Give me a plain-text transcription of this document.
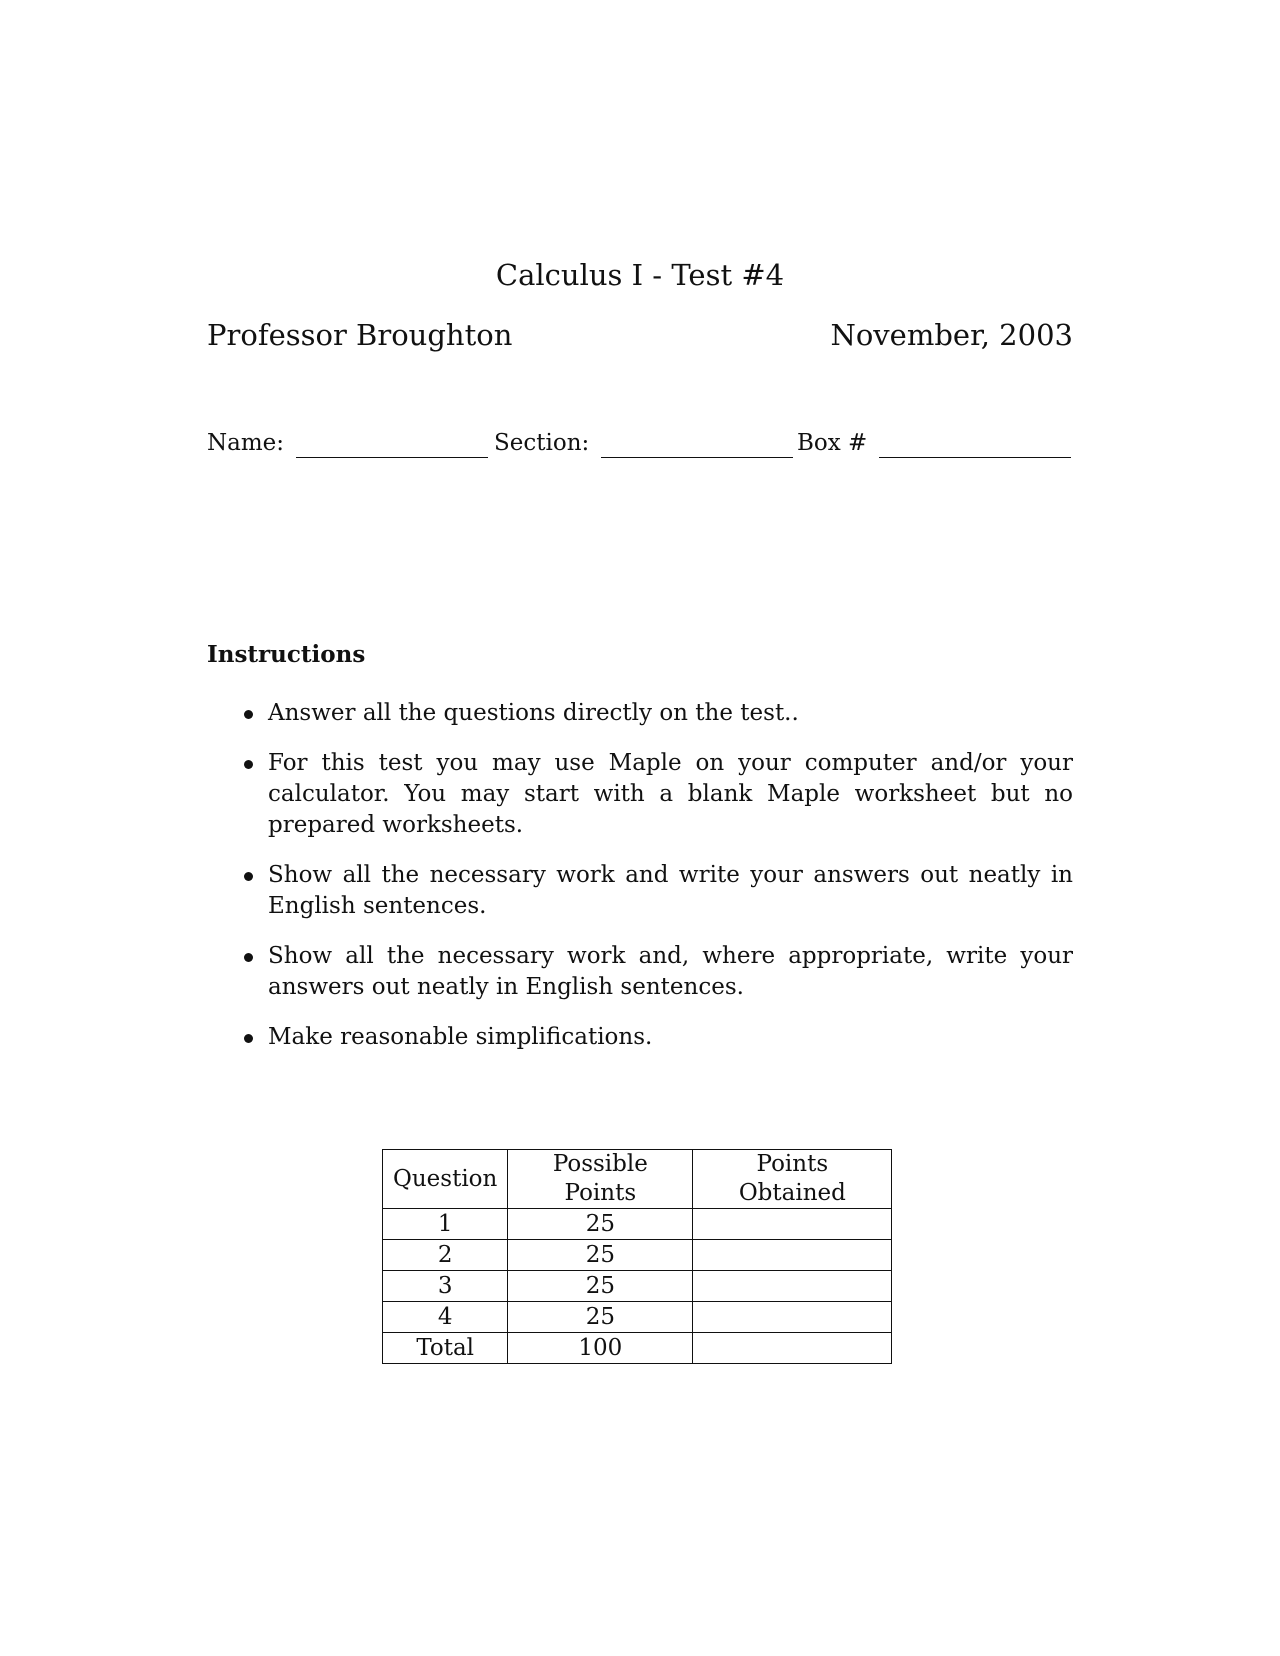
Calculus I - Test #4
Professor Broughton	November, 2003
Name:	Section:	Box #
Instructions
Answer all the questions directly on the test..
For this test you may use Maple on your computer and/or your calculator. You may start with a blank Maple worksheet but no prepared worksheets.
Show all the necessary work and write your answers out neatly in English sentences.
Show all the necessary work and, where appropriate, write your answers out neatly in English sentences.
Make reasonable simplifications.
Question	Possible Points	Points Obtained
1	25	
2	25	
3	25	
4	25	
Total	100	
